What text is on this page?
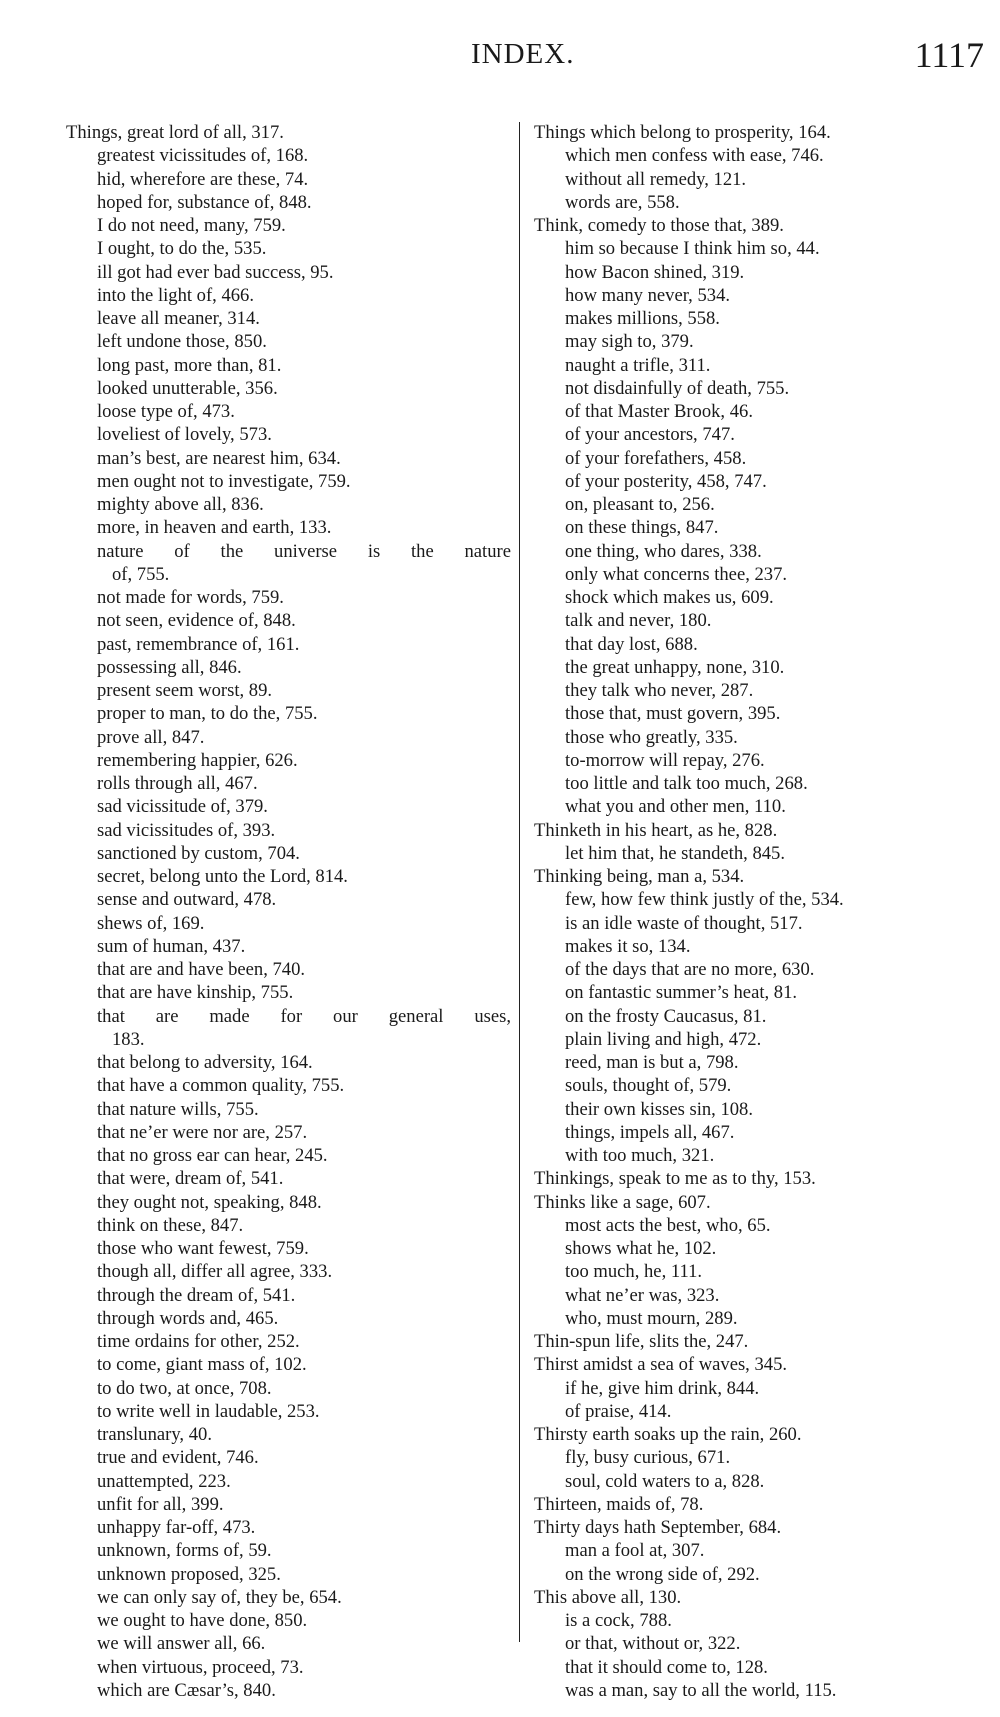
INDEX.	1117
Things, great lord of all, 317.
greatest vicissitudes of, 168.
hid, wherefore are these, 74.
hoped for, substance of, 848.
I do not need, many, 759.
I ought, to do the, 535.
ill got had ever bad success, 95.
into the light of, 466.
leave all meaner, 314.
left undone those, 850.
long past, more than, 81.
looked unutterable, 356.
loose type of, 473.
loveliest of lovely, 573.
man’s best, are nearest him, 634.
men ought not to investigate, 759.
mighty above all, 836.
more, in heaven and earth, 133.
nature of the universe is the nature
of, 755.
not made for words, 759.
not seen, evidence of, 848.
past, remembrance of, 161.
possessing all, 846.
present seem worst, 89.
proper to man, to do the, 755.
prove all, 847.
remembering happier, 626.
rolls through all, 467.
sad vicissitude of, 379.
sad vicissitudes of, 393.
sanctioned by custom, 704.
secret, belong unto the Lord, 814.
sense and outward, 478.
shews of, 169.
sum of human, 437.
that are and have been, 740.
that are have kinship, 755.
that are made for our general uses,
183.
that belong to adversity, 164.
that have a common quality, 755.
that nature wills, 755.
that ne’er were nor are, 257.
that no gross ear can hear, 245.
that were, dream of, 541.
they ought not, speaking, 848.
think on these, 847.
those who want fewest, 759.
though all, differ all agree, 333.
through the dream of, 541.
through words and, 465.
time ordains for other, 252.
to come, giant mass of, 102.
to do two, at once, 708.
to write well in laudable, 253.
translunary, 40.
true and evident, 746.
unattempted, 223.
unfit for all, 399.
unhappy far-off, 473.
unknown, forms of, 59.
unknown proposed, 325.
we can only say of, they be, 654.
we ought to have done, 850.
we will answer all, 66.
when virtuous, proceed, 73.
which are Cæsar’s, 840.
Things which belong to prosperity, 164.
which men confess with ease, 746.
without all remedy, 121.
words are, 558.
Think, comedy to those that, 389.
him so because I think him so, 44.
how Bacon shined, 319.
how many never, 534.
makes millions, 558.
may sigh to, 379.
naught a trifle, 311.
not disdainfully of death, 755.
of that Master Brook, 46.
of your ancestors, 747.
of your forefathers, 458.
of your posterity, 458, 747.
on, pleasant to, 256.
on these things, 847.
one thing, who dares, 338.
only what concerns thee, 237.
shock which makes us, 609.
talk and never, 180.
that day lost, 688.
the great unhappy, none, 310.
they talk who never, 287.
those that, must govern, 395.
those who greatly, 335.
to-morrow will repay, 276.
too little and talk too much, 268.
what you and other men, 110.
Thinketh in his heart, as he, 828.
let him that, he standeth, 845.
Thinking being, man a, 534.
few, how few think justly of the, 534.
is an idle waste of thought, 517.
makes it so, 134.
of the days that are no more, 630.
on fantastic summer’s heat, 81.
on the frosty Caucasus, 81.
plain living and high, 472.
reed, man is but a, 798.
souls, thought of, 579.
their own kisses sin, 108.
things, impels all, 467.
with too much, 321.
Thinkings, speak to me as to thy, 153.
Thinks like a sage, 607.
most acts the best, who, 65.
shows what he, 102.
too much, he, 111.
what ne’er was, 323.
who, must mourn, 289.
Thin-spun life, slits the, 247.
Thirst amidst a sea of waves, 345.
if he, give him drink, 844.
of praise, 414.
Thirsty earth soaks up the rain, 260.
fly, busy curious, 671.
soul, cold waters to a, 828.
Thirteen, maids of, 78.
Thirty days hath September, 684.
man a fool at, 307.
on the wrong side of, 292.
This above all, 130.
is a cock, 788.
or that, without or, 322.
that it should come to, 128.
was a man, say to all the world, 115.
